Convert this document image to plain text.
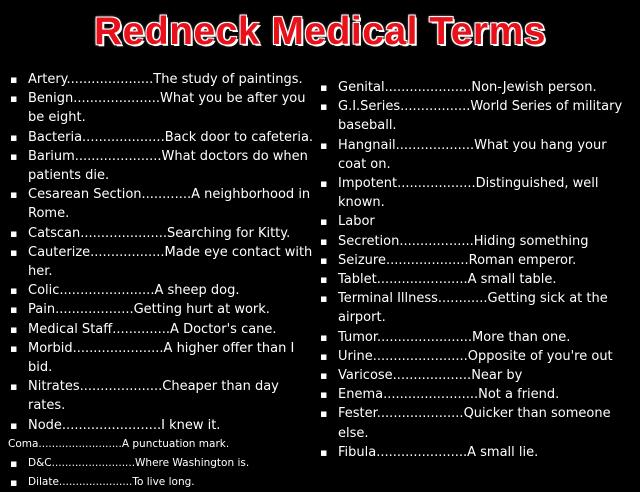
Redneck Medical Terms
▪ Artery.....................The study of paintings.
▪ Benign.....................What you be after you be eight.
▪ Bacteria....................Back door to cafeteria.
▪ Barium.....................What doctors do when patients die.
▪ Cesarean Section............A neighborhood in Rome.
▪ Catscan.....................Searching for Kitty.
▪ Cauterize..................Made eye contact with her.
▪ Colic.......................A sheep dog.
▪ Pain...................Getting hurt at work.
▪ Medical Staff..............A Doctor's cane.
▪ Morbid......................A higher offer than I bid.
▪ Nitrates....................Cheaper than day rates.
▪ Node........................I knew it.
Coma.........................A punctuation mark.
▪ D&C.........................Where Washington is.
▪ Dilate......................To live long.
▪ Genital.....................Non-Jewish person.
▪ G.I.Series.................World Series of military baseball.
▪ Hangnail...................What you hang your coat on.
▪ Impotent...................Distinguished, well known.
▪ Labor
▪ Secretion..................Hiding something
▪ Seizure....................Roman emperor.
▪ Tablet......................A small table.
▪ Terminal Illness............Getting sick at the airport.
▪ Tumor.......................More than one.
▪ Urine.......................Opposite of you're out
▪ Varicose...................Near by
▪ Enema.......................Not a friend.
▪ Fester.....................Quicker than someone else.
▪ Fibula......................A small lie.
